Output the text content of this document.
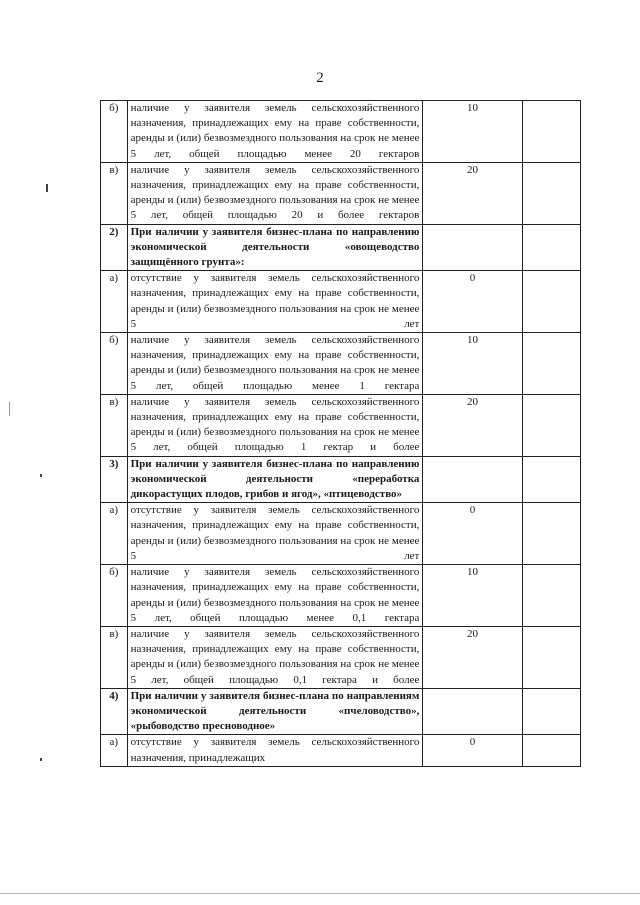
2
б)	наличие у заявителя земель сельскохозяйственного назначения, принадлежащих ему на праве собственности, аренды и (или) безвозмездного пользования на срок не менее 5 лет, общей площадью менее 20 гектаров	10	
в)	наличие у заявителя земель сельскохозяйственного назначения, принадлежащих ему на праве собственности, аренды и (или) безвозмездного пользования на срок не менее 5 лет, общей площадью 20 и более гектаров	20	
2)	При наличии у заявителя бизнес-плана по направлению экономической деятельности «овощеводство защищённого грунта»:		
а)	отсутствие у заявителя земель сельскохозяйственного назначения, принадлежащих ему на праве собственности, аренды и (или) безвозмездного пользования на срок не менее 5 лет	0	
б)	наличие у заявителя земель сельскохозяйственного назначения, принадлежащих ему на праве собственности, аренды и (или) безвозмездного пользования на срок не менее 5 лет, общей площадью менее 1 гектара	10	
в)	наличие у заявителя земель сельскохозяйственного назначения, принадлежащих ему на праве собственности, аренды и (или) безвозмездного пользования на срок не менее 5 лет, общей площадью 1 гектар и более	20	
3)	При наличии у заявителя бизнес-плана по направлению экономической деятельности «переработка дикорастущих плодов, грибов и ягод», «птицеводство»		
а)	отсутствие у заявителя земель сельскохозяйственного назначения, принадлежащих ему на праве собственности, аренды и (или) безвозмездного пользования на срок не менее 5 лет	0	
б)	наличие у заявителя земель сельскохозяйственного назначения, принадлежащих ему на праве собственности, аренды и (или) безвозмездного пользования на срок не менее 5 лет, общей площадью менее 0,1 гектара	10	
в)	наличие у заявителя земель сельскохозяйственного назначения, принадлежащих ему на праве собственности, аренды и (или) безвозмездного пользования на срок не менее 5 лет, общей площадью 0,1 гектара и более	20	
4)	При наличии у заявителя бизнес-плана по направлениям экономической деятельности «пчеловодство», «рыбоводство пресноводное»		
а)	отсутствие у заявителя земель сельскохозяйственного назначения, принадлежащих	0	
